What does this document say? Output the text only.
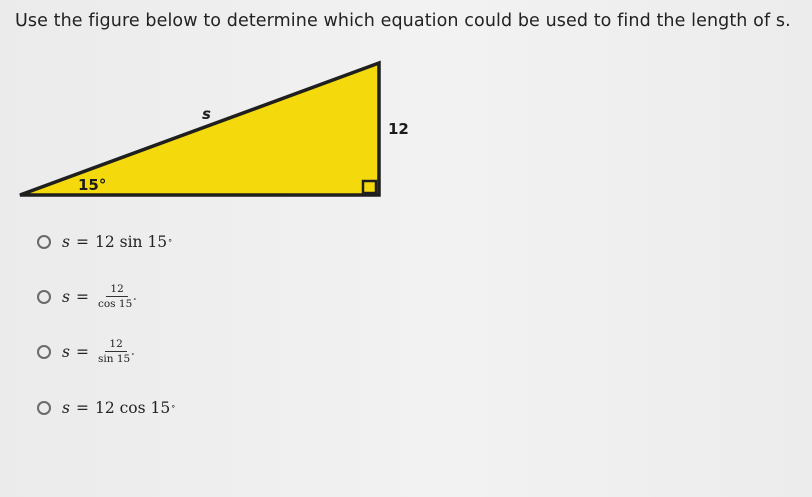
Use the figure below to determine which equation could be used to find the length of s.
s
12
15°
s = 12 sin 15 °
$s = \frac{12}{\cos 15^\circ}$
$s = \frac{12}{\sin 15^\circ}$
s = 12 cos 15 °
